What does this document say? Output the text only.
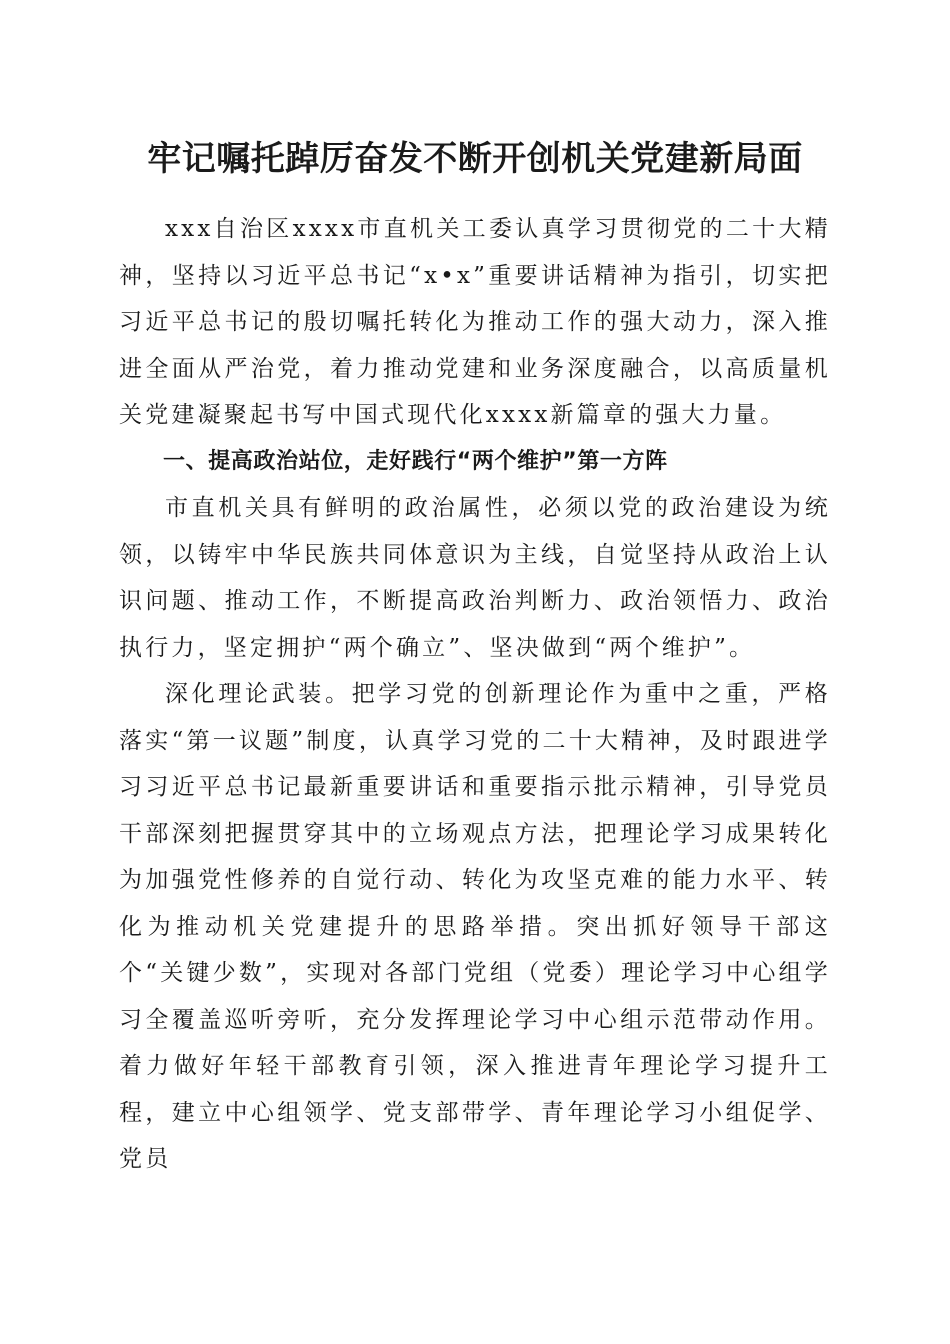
牢记嘱托踔厉奋发不断开创机关党建新局面

xxx自治区xxxx市直机关工委认真学习贯彻党的二十大精神，坚持以习近平总书记“x•x”重要讲话精神为指引，切实把习近平总书记的殷切嘱托转化为推动工作的强大动力，深入推进全面从严治党，着力推动党建和业务深度融合，以高质量机关党建凝聚起书写中国式现代化xxxx新篇章的强大力量。

一、提高政治站位，走好践行“两个维护”第一方阵

市直机关具有鲜明的政治属性，必须以党的政治建设为统领，以铸牢中华民族共同体意识为主线，自觉坚持从政治上认识问题、推动工作，不断提高政治判断力、政治领悟力、政治执行力，坚定拥护“两个确立”、坚决做到“两个维护”。

深化理论武装。把学习党的创新理论作为重中之重，严格落实“第一议题”制度，认真学习党的二十大精神，及时跟进学习习近平总书记最新重要讲话和重要指示批示精神，引导党员干部深刻把握贯穿其中的立场观点方法，把理论学习成果转化为加强党性修养的自觉行动、转化为攻坚克难的能力水平、转化为推动机关党建提升的思路举措。突出抓好领导干部这个“关键少数”，实现对各部门党组（党委）理论学习中心组学习全覆盖巡听旁听，充分发挥理论学习中心组示范带动作用。着力做好年轻干部教育引领，深入推进青年理论学习提升工程，建立中心组领学、党支部带学、青年理论学习小组促学、党员
